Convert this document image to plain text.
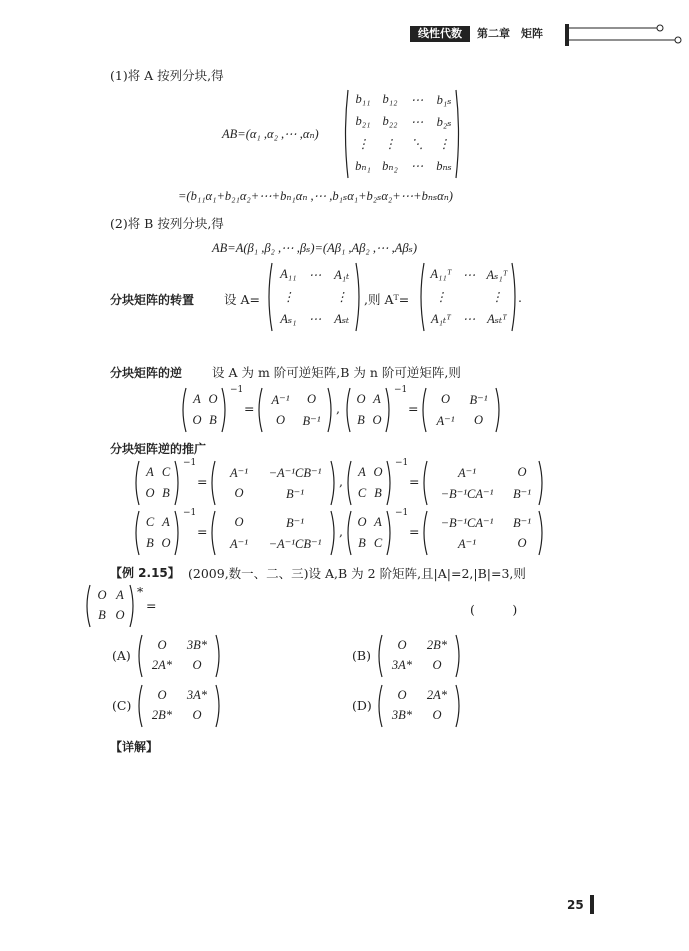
线性代数	第二章　矩阵
(1)将 A 按列分块,得
AB=(α₁ ,α₂ ,⋯ ,αₙ)
b₁₁ b₁₂	⋯	b₁ₛ
b₂₁ b₂₂	⋯	b₂ₛ
⋮	⋮	⋱	⋮
bₙ₁ bₙ₂	⋯	bₙₛ
=(b₁₁α₁+b₂₁α₂+⋯+bₙ₁αₙ ,⋯ ,b₁ₛα₁+b₂ₛα₂+⋯+bₙₛαₙ)
(2)将 B 按列分块,得
AB=A(β₁ ,β₂ ,⋯ ,βₛ)=(Aβ₁ ,Aβ₂ ,⋯ ,Aβₛ)
分块矩阵的转置 设 A=
A₁₁ ⋯	A₁ₜ
⋮	⋮
Aₛ₁ ⋯	Aₛₜ
,则 Aᵀ=
A₁₁ᵀ ⋯ Aₛ₁ᵀ
⋮	⋮
A₁ₜᵀ ⋯ Aₛₜᵀ
.
分块矩阵的逆 设 A 为 m 阶可逆矩阵,B 为 n 阶可逆矩阵,则
A O
O B
−1
=
A⁻¹	O
O	B⁻¹
,
O A
B O
−1
=
O	B⁻¹
A⁻¹	O
分块矩阵逆的推广
A C
O B
−1
=
A⁻¹	−A⁻¹CB⁻¹
O	B⁻¹
,
A O
C B
−1
=
A⁻¹	O
−B⁻¹CA⁻¹	B⁻¹
C A
B O
−1
=
O	B⁻¹
A⁻¹	−A⁻¹CB⁻¹
,
O A
B C
−1
=
−B⁻¹CA⁻¹	B⁻¹
A⁻¹	O
【例 2.15】 (2009,数一、二、三)设 A,B 为 2 阶矩阵,且|A|=2,|B|=3,则
O A
B O
*
=	(　　　)
(A)
O	3B*
2A*	O
(B)
O	2B*
3A*	O
(C)
O	3A*
2B*	O
(D)
O	2A*
3B*	O
【详解】
25
